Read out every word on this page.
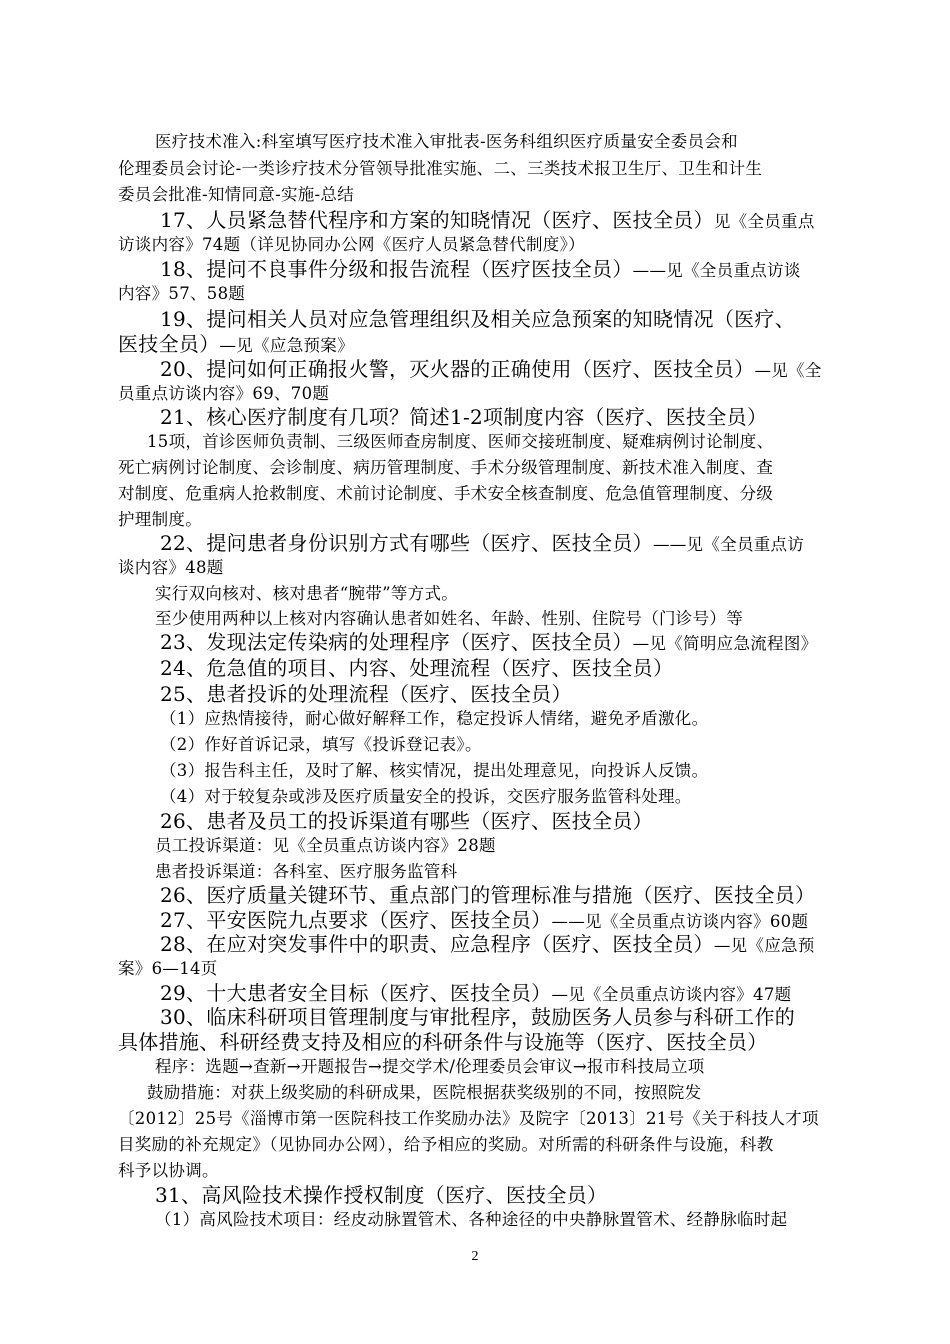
医疗技术准入:科室填写医疗技术准入审批表-医务科组织医疗质量安全委员会和
伦理委员会讨论-一类诊疗技术分管领导批准实施、二、三类技术报卫生厅、卫生和计生
委员会批准-知情同意-实施-总结
17、人员紧急替代程序和方案的知晓情况（医疗、医技全员）见《全员重点
访谈内容》74题（详见协同办公网《医疗人员紧急替代制度》）
18、提问不良事件分级和报告流程（医疗医技全员）——见《全员重点访谈
内容》57、58题
19、提问相关人员对应急管理组织及相关应急预案的知晓情况（医疗、
医技全员）—见《应急预案》
20、提问如何正确报火警，灭火器的正确使用（医疗、医技全员）—见《全
员重点访谈内容》69、70题
21、核心医疗制度有几项？简述1-2项制度内容（医疗、医技全员）
15项，首诊医师负责制、三级医师查房制度、医师交接班制度、疑难病例讨论制度、
死亡病例讨论制度、会诊制度、病历管理制度、手术分级管理制度、新技术准入制度、查
对制度、危重病人抢救制度、术前讨论制度、手术安全核查制度、危急值管理制度、分级
护理制度。
22、提问患者身份识别方式有哪些（医疗、医技全员）——见《全员重点访
谈内容》48题
实行双向核对、核对患者“腕带”等方式。
至少使用两种以上核对内容确认患者如姓名、年龄、性别、住院号（门诊号）等
23、发现法定传染病的处理程序（医疗、医技全员）—见《简明应急流程图》
24、危急值的项目、内容、处理流程（医疗、医技全员）
25、患者投诉的处理流程（医疗、医技全员）
（1）应热情接待，耐心做好解释工作，稳定投诉人情绪，避免矛盾激化。
（2）作好首诉记录，填写《投诉登记表》。
（3）报告科主任，及时了解、核实情况，提出处理意见，向投诉人反馈。
（4）对于较复杂或涉及医疗质量安全的投诉，交医疗服务监管科处理。
26、患者及员工的投诉渠道有哪些（医疗、医技全员）
员工投诉渠道：见《全员重点访谈内容》28题
患者投诉渠道：各科室、医疗服务监管科
26、医疗质量关键环节、重点部门的管理标准与措施（医疗、医技全员）
27、平安医院九点要求（医疗、医技全员）——见《全员重点访谈内容》60题
28、在应对突发事件中的职责、应急程序（医疗、医技全员）—见《应急预
案》6—14页
29、十大患者安全目标（医疗、医技全员）—见《全员重点访谈内容》47题
30、临床科研项目管理制度与审批程序，鼓励医务人员参与科研工作的
具体措施、科研经费支持及相应的科研条件与设施等（医疗、医技全员）
程序：选题→查新→开题报告→提交学术/伦理委员会审议→报市科技局立项
鼓励措施：对获上级奖励的科研成果，医院根据获奖级别的不同，按照院发
〔2012〕25号《淄博市第一医院科技工作奖励办法》及院字〔2013〕21号《关于科技人才项
目奖励的补充规定》（见协同办公网），给予相应的奖励。对所需的科研条件与设施，科教
科予以协调。
31、高风险技术操作授权制度（医疗、医技全员）
（1）高风险技术项目：经皮动脉置管术、各种途径的中央静脉置管术、经静脉临时起
2
